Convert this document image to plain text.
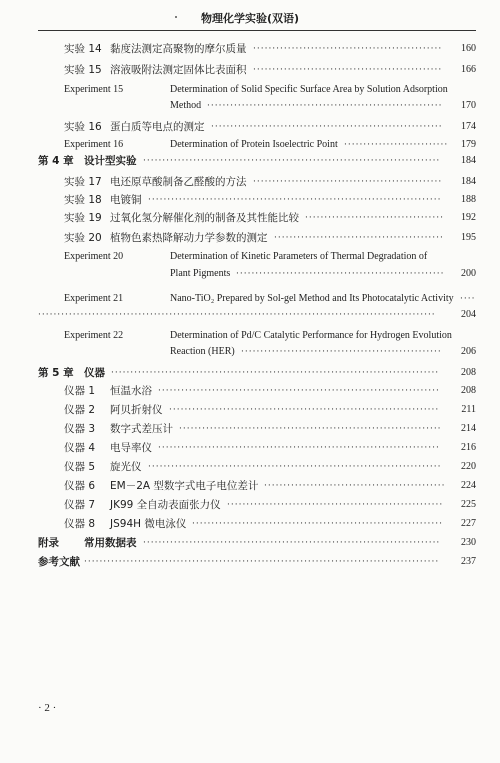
物理化学实验(双语)
实验 14 黏度法测定高聚物的摩尔质量 ·················································	160
实验 15 溶液吸附法测定固体比表面积 ·················································	166
Experiment 15	Determination of Solid Specific Surface Area by Solution Adsorption
Method ·····························································	170
实验 16 蛋白质等电点的测定 ····························································	174
Experiment 16	Determination of Protein Isoelectric Point ···························	179
第 4 章 设计型实验 ·············································································	184
实验 17 电还原草酸制备乙醛酸的方法 ·················································	184
实验 18 电镀铜 ············································································	188
实验 19 过氧化氢分解催化剂的制备及其性能比较 ····································	192
实验 20 植物色素热降解动力学参数的测定 ············································	195
Experiment 20	Determination of Kinetic Parameters of Thermal Degradation of
Plant Pigments ······················································	200
Experiment 21	Nano-TiO₂ Prepared by Sol-gel Method and Its Photocatalytic Activity ····
·······································································································	204
Experiment 22	Determination of Pd/C Catalytic Performance for Hydrogen Evolution
Reaction (HER) ····················································	206
第 5 章 仪器 ·····················································································	208
仪器 1 恒温水浴 ·········································································	208
仪器 2 阿贝折射仪 ······································································	211
仪器 3 数字式差压计 ····································································	214
仪器 4 电导率仪 ·········································································	216
仪器 5 旋光仪 ············································································	220
仪器 6 EM－2A 型数字式电子电位差计 ···············································	224
仪器 7 JK99 全自动表面张力仪 ························································	225
仪器 8 JS94H 微电泳仪 ·································································	227
附录 常用数据表 ·············································································	230
参考文献 ····························································································	237
· 2 ·
